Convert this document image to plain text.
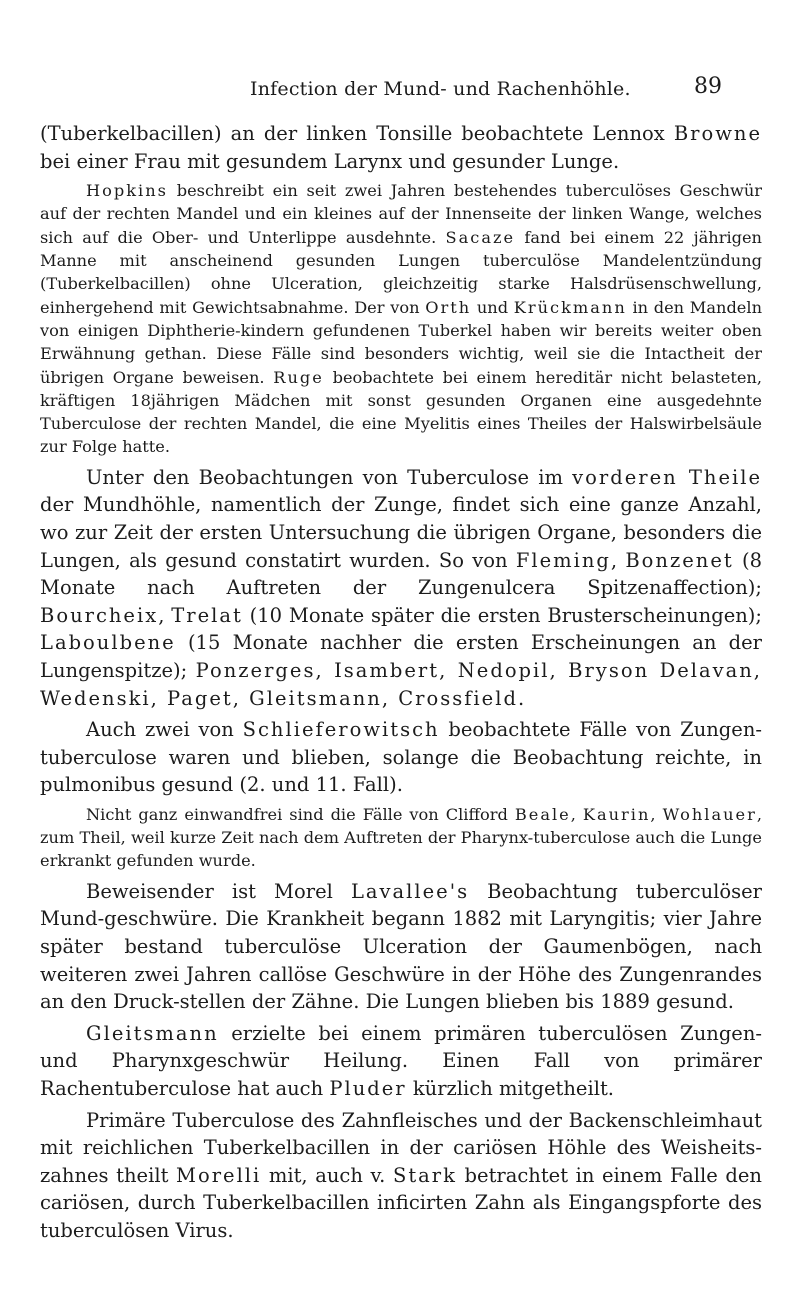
Infection der Mund- und Rachenhöhle.	89

(Tuberkelbacillen) an der linken Tonsille beobachtete Lennox Browne bei einer Frau mit gesundem Larynx und gesunder Lunge.

Hopkins beschreibt ein seit zwei Jahren bestehendes tuberculöses Geschwür auf der rechten Mandel und ein kleines auf der Innenseite der linken Wange, welches sich auf die Ober- und Unterlippe ausdehnte. Sacaze fand bei einem 22 jährigen Manne mit anscheinend gesunden Lungen tuberculöse Mandelentzündung (Tuberkelbacillen) ohne Ulceration, gleichzeitig starke Halsdrüsenschwellung, einhergehend mit Gewichtsabnahme. Der von Orth und Krückmann in den Mandeln von einigen Diphtherie-kindern gefundenen Tuberkel haben wir bereits weiter oben Erwähnung gethan. Diese Fälle sind besonders wichtig, weil sie die Intactheit der übrigen Organe beweisen. Ruge beobachtete bei einem hereditär nicht belasteten, kräftigen 18jährigen Mädchen mit sonst gesunden Organen eine ausgedehnte Tuberculose der rechten Mandel, die eine Myelitis eines Theiles der Halswirbelsäule zur Folge hatte.

Unter den Beobachtungen von Tuberculose im vorderen Theile der Mundhöhle, namentlich der Zunge, findet sich eine ganze Anzahl, wo zur Zeit der ersten Untersuchung die übrigen Organe, besonders die Lungen, als gesund constatirt wurden. So von Fleming, Bonzenet (8 Monate nach Auftreten der Zungenulcera Spitzenaffection); Bourcheix, Trelat (10 Monate später die ersten Brusterscheinungen); Laboulbene (15 Monate nachher die ersten Erscheinungen an der Lungenspitze); Ponzerges, Isambert, Nedopil, Bryson Delavan, Wedenski, Paget, Gleitsmann, Crossfield.

Auch zwei von Schlieferowitsch beobachtete Fälle von Zungen-tuberculose waren und blieben, solange die Beobachtung reichte, in pulmonibus gesund (2. und 11. Fall).

Nicht ganz einwandfrei sind die Fälle von Clifford Beale, Kaurin, Wohlauer, zum Theil, weil kurze Zeit nach dem Auftreten der Pharynx-tuberculose auch die Lunge erkrankt gefunden wurde.

Beweisender ist Morel Lavallee's Beobachtung tuberculöser Mund-geschwüre. Die Krankheit begann 1882 mit Laryngitis; vier Jahre später bestand tuberculöse Ulceration der Gaumenbögen, nach weiteren zwei Jahren callöse Geschwüre in der Höhe des Zungenrandes an den Druck-stellen der Zähne. Die Lungen blieben bis 1889 gesund.

Gleitsmann erzielte bei einem primären tuberculösen Zungen- und Pharynxgeschwür Heilung. Einen Fall von primärer Rachentuberculose hat auch Pluder kürzlich mitgetheilt.

Primäre Tuberculose des Zahnfleisches und der Backenschleimhaut mit reichlichen Tuberkelbacillen in der cariösen Höhle des Weisheits-zahnes theilt Morelli mit, auch v. Stark betrachtet in einem Falle den cariösen, durch Tuberkelbacillen inficirten Zahn als Eingangspforte des tuberculösen Virus.
